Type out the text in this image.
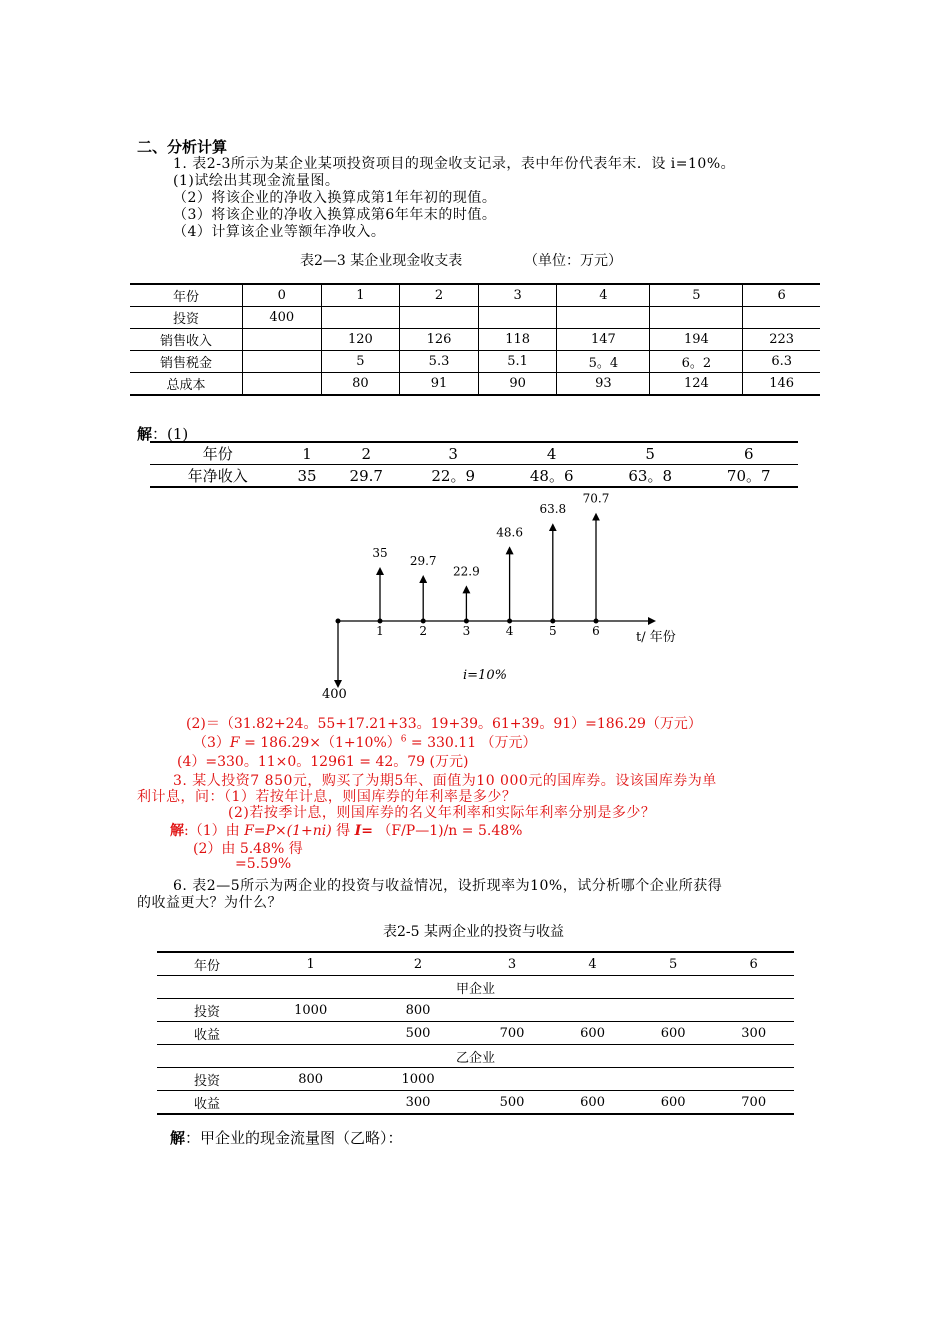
二、分析计算
1. 表2-3所示为某企业某项投资项目的现金收支记录，表中年份代表年末．设 i=10%。
(1)试绘出其现金流量图。
（2）将该企业的净收入换算成第1年年初的现值。
（3）将该企业的净收入换算成第6年年末的时值。
（4）计算该企业等额年净收入。
表2—3 某企业现金收支表	（单位：万元）
年份	0	1	2	3	4	5	6
投资	400						
销售收入		120	126	118	147	194	223
销售税金		5	5.3	5.1	5。4	6。2	6.3
总成本		80	91	90	93	124	146
解：(1)
年份	1	2	3	4	5	6
年净收入	35	29.7	22。9	48。6	63。8	70。7
35
1
29.7
2
22.9
3
48.6
4
63.8
5
70.7
6
400
t/ 年份
i=10%
(2)＝（31.82+24。55+17.21+33。19+39。61+39。91）=186.29（万元）
$(3)F = 186.29\times(1+10\%)^6 = 330.11$ （万元）
(4）=330。11×0。12961 = 42。79 (万元)
3. 某人投资7 850元，购买了为期5年、面值为10 000元的国库券。设该国库券为单
利计息，问：（1）若按年计息，则国库券的年利率是多少？
(2)若按季计息，则国库券的名义年利率和实际年利率分别是多少？
解:（1）由 F=P×(1+ni) 得 I= （F/P—1)/n = 5.48%
(2）由 5.48% 得
=5.59%
6. 表2—5所示为两企业的投资与收益情况，设折现率为10%，试分析哪个企业所获得
的收益更大？为什么？
表2-5 某两企业的投资与收益
年份	1	2	3	4	5	6
甲企业						
投资	1000	800				
收益		500	700	600	600	300
乙企业						
投资	800	1000				
收益		300	500	600	600	700
解：甲企业的现金流量图（乙略）：
